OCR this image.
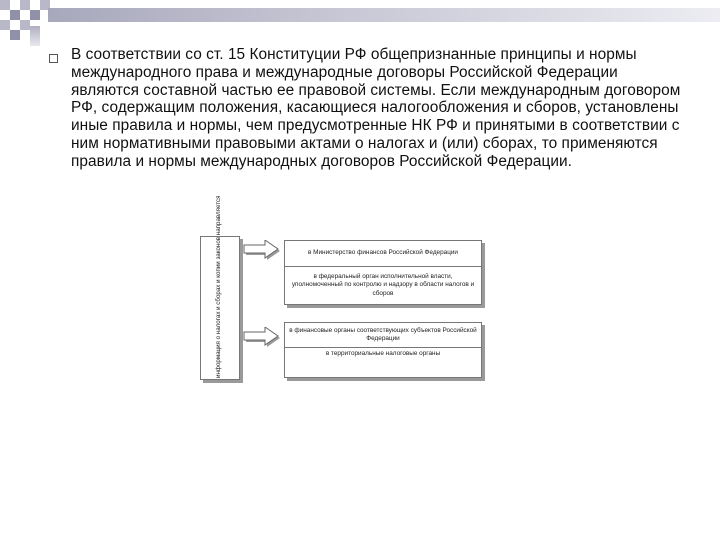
В соответствии со ст. 15 Конституции РФ общепризнанные принципы и нормы международного права и международные договоры Российской Федерации являются составной частью ее правовой системы. Если международным договором РФ, содержащим положения, касающиеся налогообложения и сборов, установлены иные правила и нормы, чем предусмотренные НК РФ и принятыми в соответствии с ним нормативными правовыми актами о налогах и (или) сборах, то применяются правила и нормы международных договоров Российской Федерации.
информация о налогах и сборах и копии законов направляется	в Министерство финансов Российской Федерации
в федеральный орган исполнительной власти, уполномоченный по контролю и надзору в области налогов и сборов
в финансовые органы соответствующих субъектов Российской Федерации
в территориальные налоговые органы
